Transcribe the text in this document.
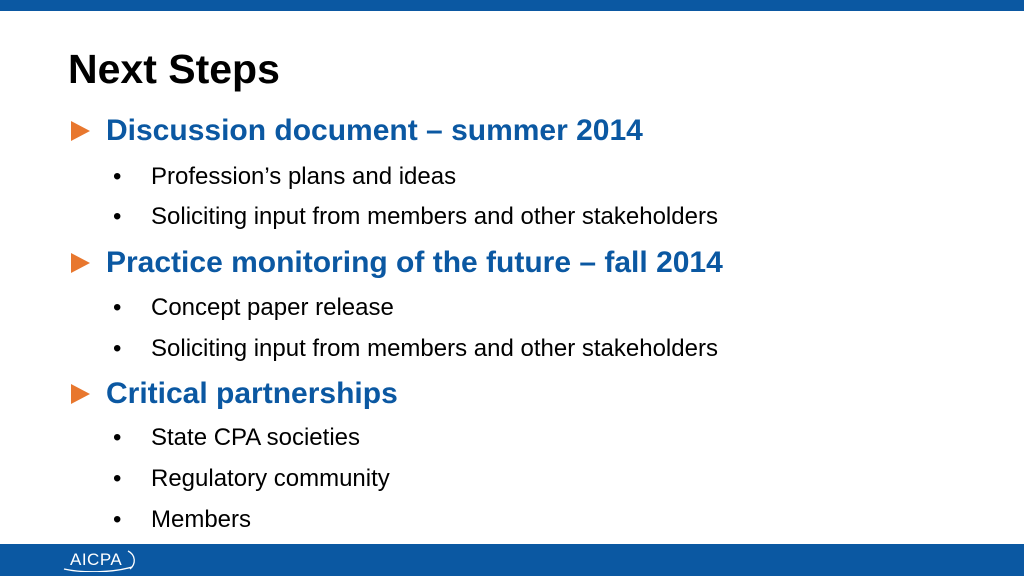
Next Steps
Discussion document – summer 2014
• Profession’s plans and ideas
• Soliciting input from members and other stakeholders
Practice monitoring of the future – fall 2014
• Concept paper release
• Soliciting input from members and other stakeholders
Critical partnerships
• State CPA societies
• Regulatory community
• Members
AICPA
